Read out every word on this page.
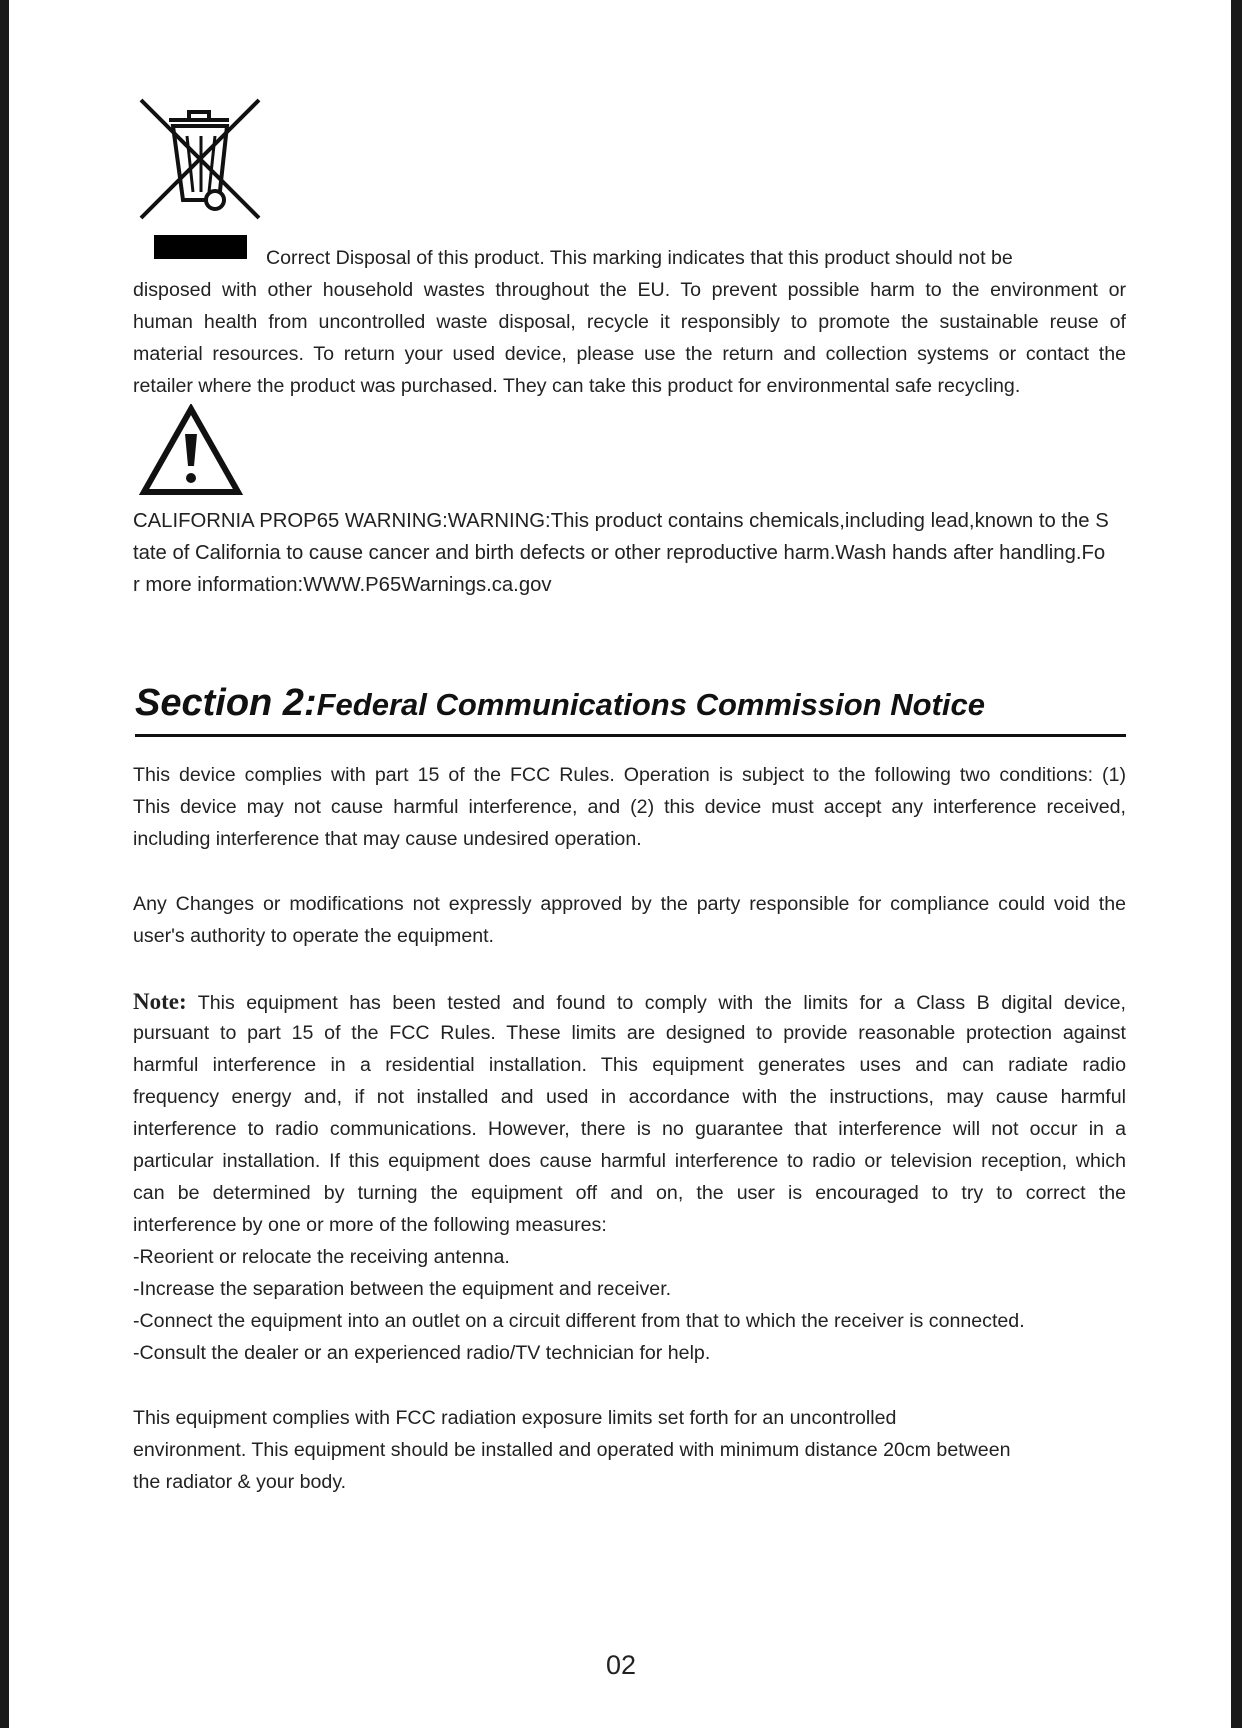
Correct Disposal of this product. This marking indicates that this product should not be
disposed with other household wastes throughout the EU. To prevent possible harm to the environment or
human health from uncontrolled waste disposal, recycle it responsibly to promote the sustainable reuse of
material resources. To return your used device, please use the return and collection systems or contact the
retailer where the product was purchased. They can take this product for environmental safe recycling.
CALIFORNIA PROP65 WARNING:WARNING:This product contains chemicals,including lead,known to the S
tate of California to cause cancer and birth defects or other reproductive harm.Wash hands after handling.Fo
r more information:WWW.P65Warnings.ca.gov
Section 2:Federal Communications Commission Notice
This device complies with part 15 of the FCC Rules. Operation is subject to the following two conditions: (1)
This device may not cause harmful interference, and (2) this device must accept any interference received,
including interference that may cause undesired operation.
Any Changes or modifications not expressly approved by the party responsible for compliance could void the
user's authority to operate the equipment.
Note: This equipment has been tested and found to comply with the limits for a Class B digital device,
pursuant to part 15 of the FCC Rules. These limits are designed to provide reasonable protection against
harmful interference in a residential installation. This equipment generates uses and can radiate radio
frequency energy and, if not installed and used in accordance with the instructions, may cause harmful
interference to radio communications. However, there is no guarantee that interference will not occur in a
particular installation. If this equipment does cause harmful interference to radio or television reception, which
can be determined by turning the equipment off and on, the user is encouraged to try to correct the
interference by one or more of the following measures:
-Reorient or relocate the receiving antenna.
-Increase the separation between the equipment and receiver.
-Connect the equipment into an outlet on a circuit different from that to which the receiver is connected.
-Consult the dealer or an experienced radio/TV technician for help.
This equipment complies with FCC radiation exposure limits set forth for an uncontrolled
environment. This equipment should be installed and operated with minimum distance 20cm between
the radiator & your body.
02
